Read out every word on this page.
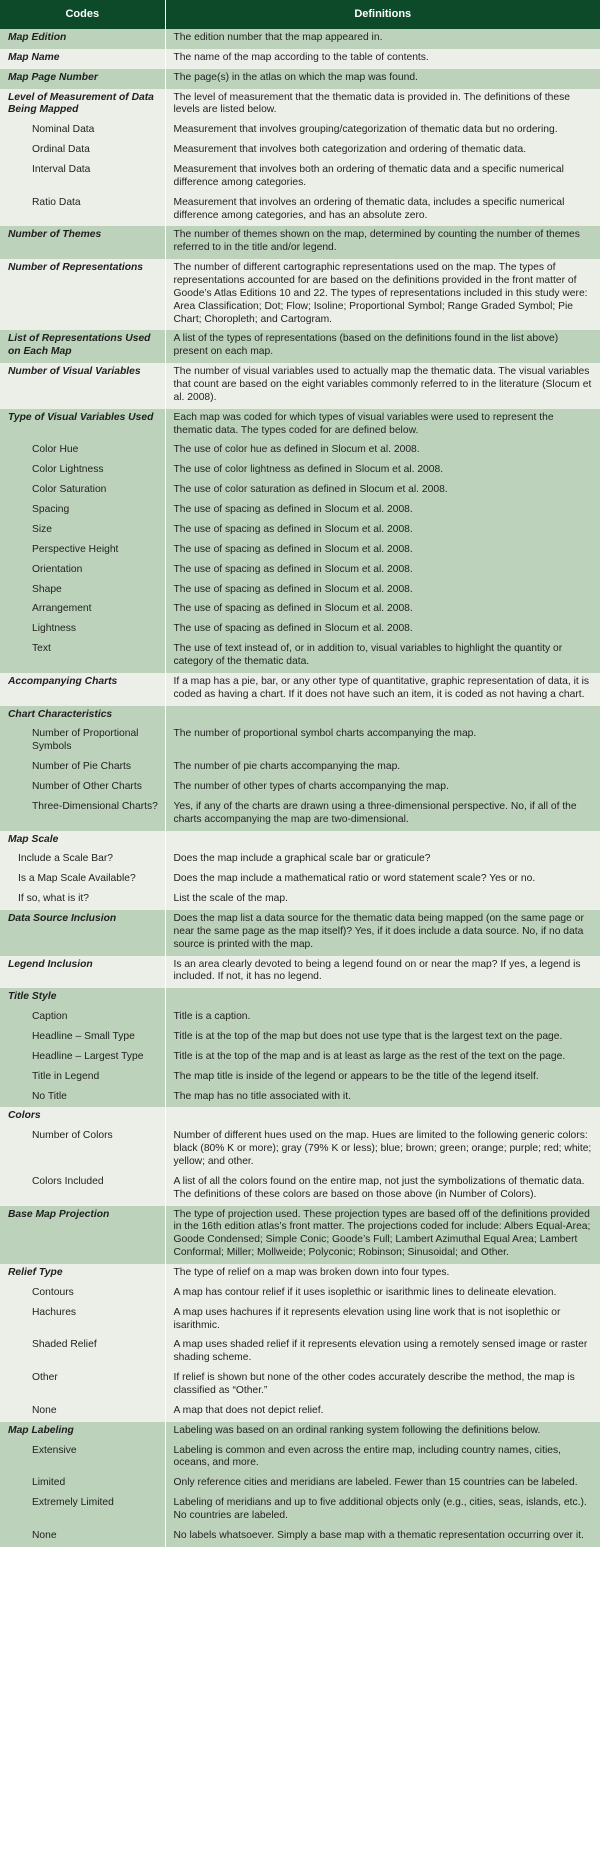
Codes	Definitions
Map Edition	The edition number that the map appeared in.
Map Name	The name of the map according to the table of contents.
Map Page Number	The page(s) in the atlas on which the map was found.
Level of Measurement of Data Being Mapped	The level of measurement that the thematic data is provided in. The definitions of these levels are listed below.
Nominal Data	Measurement that involves grouping/categorization of thematic data but no ordering.
Ordinal Data	Measurement that involves both categorization and ordering of thematic data.
Interval Data	Measurement that involves both an ordering of thematic data and a specific numerical difference among categories.
Ratio Data	Measurement that involves an ordering of thematic data, includes a specific numerical difference among categories, and has an absolute zero.
Number of Themes	The number of themes shown on the map, determined by counting the number of themes referred to in the title and/or legend.
Number of Representations	The number of different cartographic representations used on the map. The types of representations accounted for are based on the definitions provided in the front matter of Goode’s Atlas Editions 10 and 22. The types of representations included in this study were: Area Classification; Dot; Flow; Isoline; Proportional Symbol; Range Graded Symbol; Pie Chart; Choropleth; and Cartogram.
List of Representations Used on Each Map	A list of the types of representations (based on the definitions found in the list above) present on each map.
Number of Visual Variables	The number of visual variables used to actually map the thematic data. The visual variables that count are based on the eight variables commonly referred to in the literature (Slocum et al. 2008).
Type of Visual Variables Used	Each map was coded for which types of visual variables were used to represent the thematic data. The types coded for are defined below.
Color Hue	The use of color hue as defined in Slocum et al. 2008.
Color Lightness	The use of color lightness as defined in Slocum et al. 2008.
Color Saturation	The use of color saturation as defined in Slocum et al. 2008.
Spacing	The use of spacing as defined in Slocum et al. 2008.
Size	The use of spacing as defined in Slocum et al. 2008.
Perspective Height	The use of spacing as defined in Slocum et al. 2008.
Orientation	The use of spacing as defined in Slocum et al. 2008.
Shape	The use of spacing as defined in Slocum et al. 2008.
Arrangement	The use of spacing as defined in Slocum et al. 2008.
Lightness	The use of spacing as defined in Slocum et al. 2008.
Text	The use of text instead of, or in addition to, visual variables to highlight the quantity or category of the thematic data.
Accompanying Charts	If a map has a pie, bar, or any other type of quantitative, graphic representation of data, it is coded as having a chart. If it does not have such an item, it is coded as not having a chart.
Chart Characteristics	
Number of Proportional Symbols	The number of proportional symbol charts accompanying the map.
Number of Pie Charts	The number of pie charts accompanying the map.
Number of Other Charts	The number of other types of charts accompanying the map.
Three-Dimensional Charts?	Yes, if any of the charts are drawn using a three-dimensional perspective. No, if all of the charts accompanying the map are two-dimensional.
Map Scale	
Include a Scale Bar?	Does the map include a graphical scale bar or graticule?
Is a Map Scale Available?	Does the map include a mathematical ratio or word statement scale? Yes or no.
If so, what is it?	List the scale of the map.
Data Source Inclusion	Does the map list a data source for the thematic data being mapped (on the same page or near the same page as the map itself)? Yes, if it does include a data source. No, if no data source is printed with the map.
Legend Inclusion	Is an area clearly devoted to being a legend found on or near the map? If yes, a legend is included. If not, it has no legend.
Title Style	
Caption	Title is a caption.
Headline – Small Type	Title is at the top of the map but does not use type that is the largest text on the page.
Headline – Largest Type	Title is at the top of the map and is at least as large as the rest of the text on the page.
Title in Legend	The map title is inside of the legend or appears to be the title of the legend itself.
No Title	The map has no title associated with it.
Colors	
Number of Colors	Number of different hues used on the map. Hues are limited to the following generic colors: black (80% K or more); gray (79% K or less); blue; brown; green; orange; purple; red; white; yellow; and other.
Colors Included	A list of all the colors found on the entire map, not just the symbolizations of thematic data. The definitions of these colors are based on those above (in Number of Colors).
Base Map Projection	The type of projection used. These projection types are based off of the definitions provided in the 16th edition atlas’s front matter. The projections coded for include: Albers Equal-Area; Goode Condensed; Simple Conic; Goode’s Full; Lambert Azimuthal Equal Area; Lambert Conformal; Miller; Mollweide; Polyconic; Robinson; Sinusoidal; and Other.
Relief Type	The type of relief on a map was broken down into four types.
Contours	A map has contour relief if it uses isoplethic or isarithmic lines to delineate elevation.
Hachures	A map uses hachures if it represents elevation using line work that is not isoplethic or isarithmic.
Shaded Relief	A map uses shaded relief if it represents elevation using a remotely sensed image or raster shading scheme.
Other	If relief is shown but none of the other codes accurately describe the method, the map is classified as “Other.”
None	A map that does not depict relief.
Map Labeling	Labeling was based on an ordinal ranking system following the definitions below.
Extensive	Labeling is common and even across the entire map, including country names, cities, oceans, and more.
Limited	Only reference cities and meridians are labeled. Fewer than 15 countries can be labeled.
Extremely Limited	Labeling of meridians and up to five additional objects only (e.g., cities, seas, islands, etc.). No countries are labeled.
None	No labels whatsoever. Simply a base map with a thematic representation occurring over it.
